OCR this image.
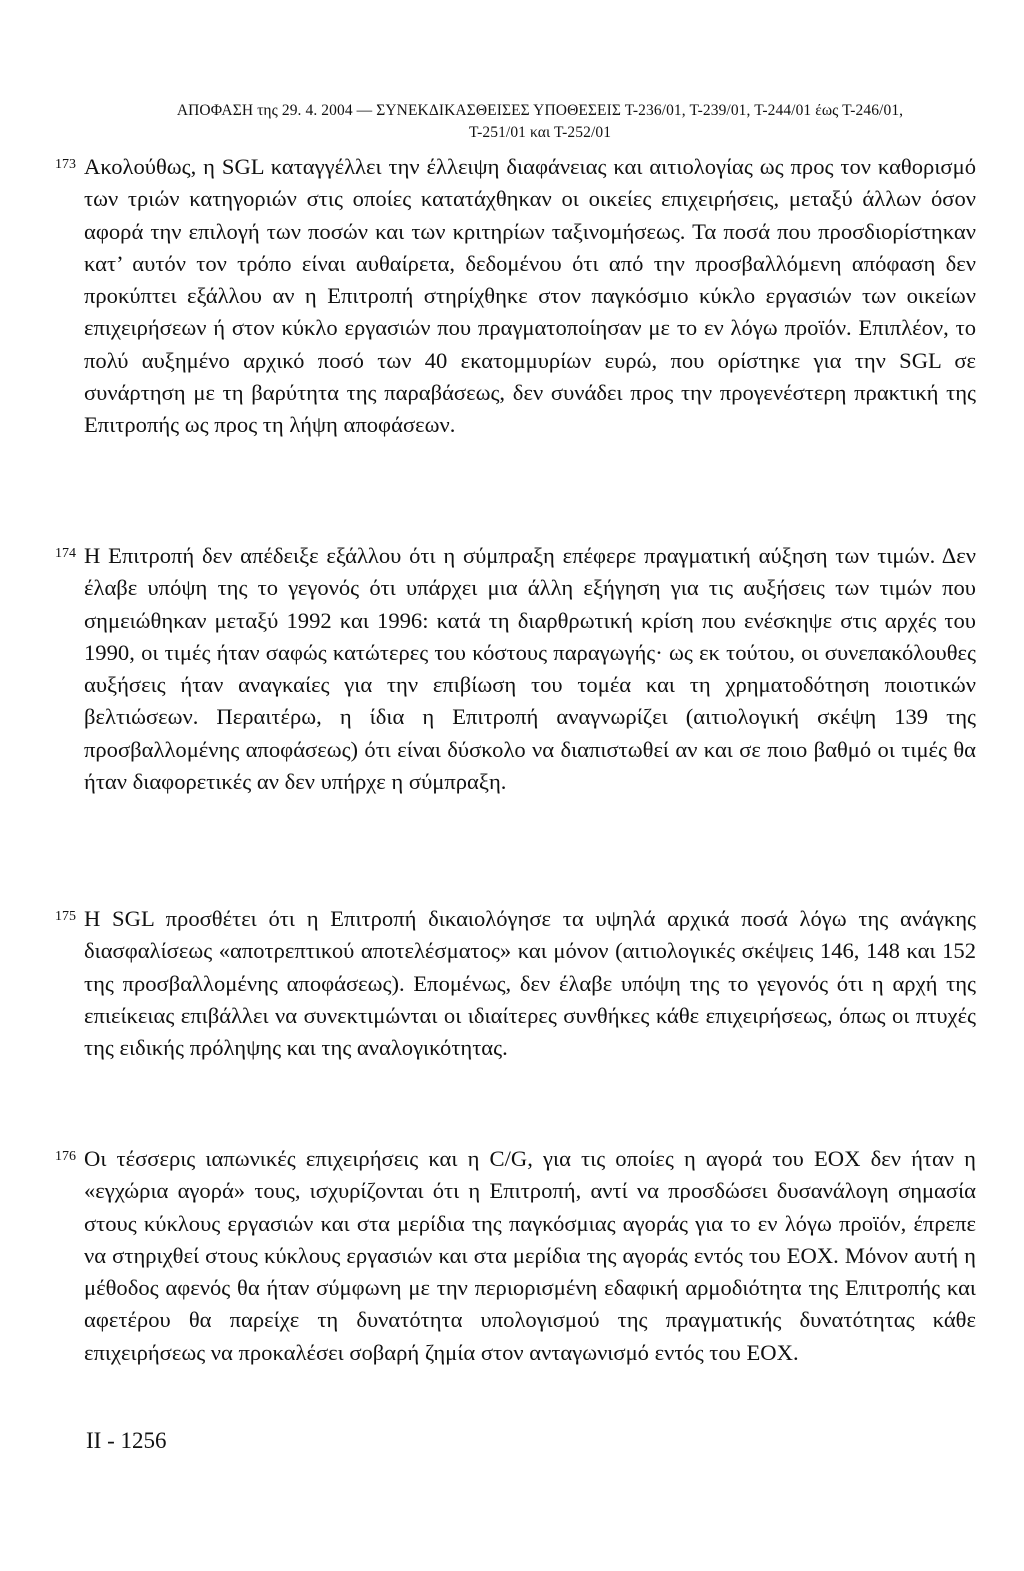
ΑΠΟΦΑΣΗ της 29. 4. 2004 — ΣΥΝΕΚΔΙΚΑΣΘΕΙΣΕΣ ΥΠΟΘΕΣΕΙΣ Τ-236/01, Τ-239/01, Τ-244/01 έως Τ-246/01,
Τ-251/01 και Τ-252/01
173 Ακολούθως, η SGL καταγγέλλει την έλλειψη διαφάνειας και αιτιολογίας ως προς τον καθορισμό των τριών κατηγοριών στις οποίες κατατάχθηκαν οι οικείες επιχειρήσεις, μεταξύ άλλων όσον αφορά την επιλογή των ποσών και των κριτηρίων ταξινομήσεως. Τα ποσά που προσδιορίστηκαν κατ’ αυτόν τον τρόπο είναι αυθαίρετα, δεδομένου ότι από την προσβαλλόμενη απόφαση δεν προκύπτει εξάλλου αν η Επιτροπή στηρίχθηκε στον παγκόσμιο κύκλο εργασιών των οικείων επιχειρήσεων ή στον κύκλο εργασιών που πραγματοποίησαν με το εν λόγω προϊόν. Επιπλέον, το πολύ αυξημένο αρχικό ποσό των 40 εκατομμυρίων ευρώ, που ορίστηκε για την SGL σε συνάρτηση με τη βαρύτητα της παραβάσεως, δεν συνάδει προς την προγενέστερη πρακτική της Επιτροπής ως προς τη λήψη αποφάσεων.
174 Η Επιτροπή δεν απέδειξε εξάλλου ότι η σύμπραξη επέφερε πραγματική αύξηση των τιμών. Δεν έλαβε υπόψη της το γεγονός ότι υπάρχει μια άλλη εξήγηση για τις αυξήσεις των τιμών που σημειώθηκαν μεταξύ 1992 και 1996: κατά τη διαρθρωτική κρίση που ενέσκηψε στις αρχές του 1990, οι τιμές ήταν σαφώς κατώτερες του κόστους παραγωγής· ως εκ τούτου, οι συνεπακόλουθες αυξήσεις ήταν αναγκαίες για την επιβίωση του τομέα και τη χρηματοδότηση ποιοτικών βελτιώσεων. Περαιτέρω, η ίδια η Επιτροπή αναγνωρίζει (αιτιολογική σκέψη 139 της προσβαλλομένης αποφάσεως) ότι είναι δύσκολο να διαπιστωθεί αν και σε ποιο βαθμό οι τιμές θα ήταν διαφορετικές αν δεν υπήρχε η σύμπραξη.
175 Η SGL προσθέτει ότι η Επιτροπή δικαιολόγησε τα υψηλά αρχικά ποσά λόγω της ανάγκης διασφαλίσεως «αποτρεπτικού αποτελέσματος» και μόνον (αιτιολογικές σκέψεις 146, 148 και 152 της προσβαλλομένης αποφάσεως). Επομένως, δεν έλαβε υπόψη της το γεγονός ότι η αρχή της επιείκειας επιβάλλει να συνεκτιμώνται οι ιδιαίτερες συνθήκες κάθε επιχειρήσεως, όπως οι πτυχές της ειδικής πρόληψης και της αναλογικότητας.
176 Οι τέσσερις ιαπωνικές επιχειρήσεις και η C/G, για τις οποίες η αγορά του ΕΟΧ δεν ήταν η «εγχώρια αγορά» τους, ισχυρίζονται ότι η Επιτροπή, αντί να προσδώσει δυσανάλογη σημασία στους κύκλους εργασιών και στα μερίδια της παγκόσμιας αγοράς για το εν λόγω προϊόν, έπρεπε να στηριχθεί στους κύκλους εργασιών και στα μερίδια της αγοράς εντός του ΕΟΧ. Μόνον αυτή η μέθοδος αφενός θα ήταν σύμφωνη με την περιορισμένη εδαφική αρμοδιότητα της Επιτροπής και αφετέρου θα παρείχε τη δυνατότητα υπολογισμού της πραγματικής δυνατότητας κάθε επιχειρήσεως να προκαλέσει σοβαρή ζημία στον ανταγωνισμό εντός του ΕΟΧ.
II - 1256
